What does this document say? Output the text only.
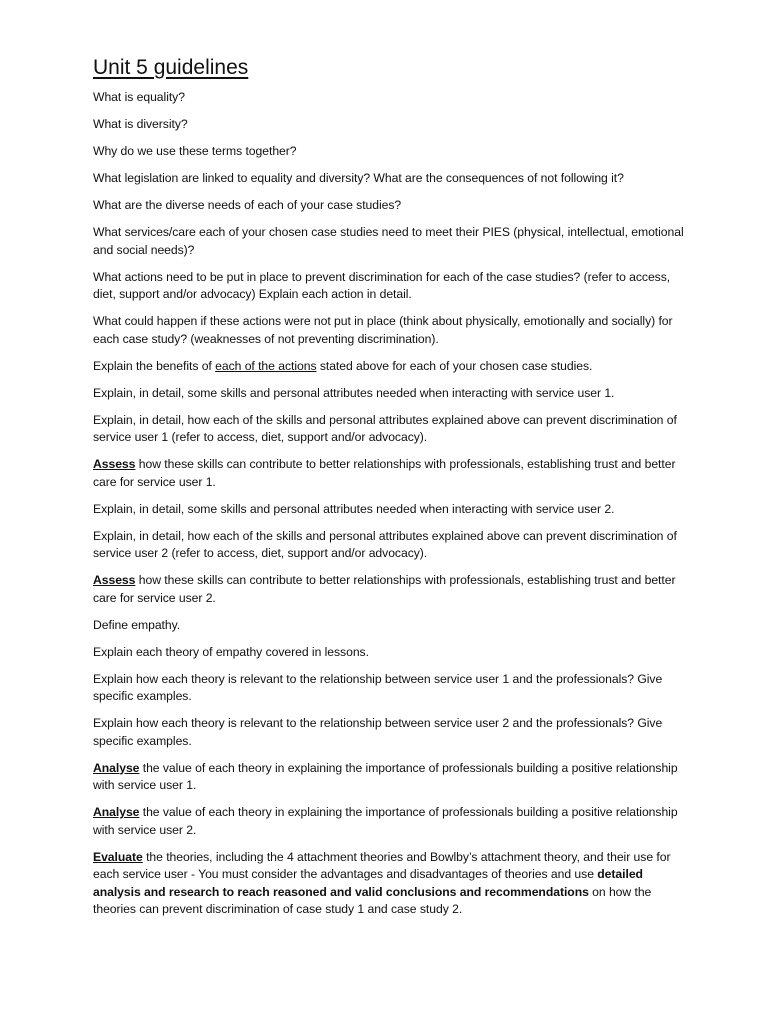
Unit 5 guidelines

What is equality?

What is diversity?

Why do we use these terms together?

What legislation are linked to equality and diversity? What are the consequences of not following it?

What are the diverse needs of each of your case studies?

What services/care each of your chosen case studies need to meet their PIES (physical, intellectual, emotional and social needs)?

What actions need to be put in place to prevent discrimination for each of the case studies? (refer to access, diet, support and/or advocacy) Explain each action in detail.

What could happen if these actions were not put in place (think about physically, emotionally and socially) for each case study? (weaknesses of not preventing discrimination).

Explain the benefits of each of the actions stated above for each of your chosen case studies.

Explain, in detail, some skills and personal attributes needed when interacting with service user 1.

Explain, in detail, how each of the skills and personal attributes explained above can prevent discrimination of service user 1 (refer to access, diet, support and/or advocacy).

Assess how these skills can contribute to better relationships with professionals, establishing trust and better care for service user 1.

Explain, in detail, some skills and personal attributes needed when interacting with service user 2.

Explain, in detail, how each of the skills and personal attributes explained above can prevent discrimination of service user 2 (refer to access, diet, support and/or advocacy).

Assess how these skills can contribute to better relationships with professionals, establishing trust and better care for service user 2.

Define empathy.

Explain each theory of empathy covered in lessons.

Explain how each theory is relevant to the relationship between service user 1 and the professionals? Give specific examples.

Explain how each theory is relevant to the relationship between service user 2 and the professionals? Give specific examples.

Analyse the value of each theory in explaining the importance of professionals building a positive relationship with service user 1.

Analyse the value of each theory in explaining the importance of professionals building a positive relationship with service user 2.

Evaluate the theories, including the 4 attachment theories and Bowlby’s attachment theory, and their use for each service user - You must consider the advantages and disadvantages of theories and use detailed analysis and research to reach reasoned and valid conclusions and recommendations on how the theories can prevent discrimination of case study 1 and case study 2.
